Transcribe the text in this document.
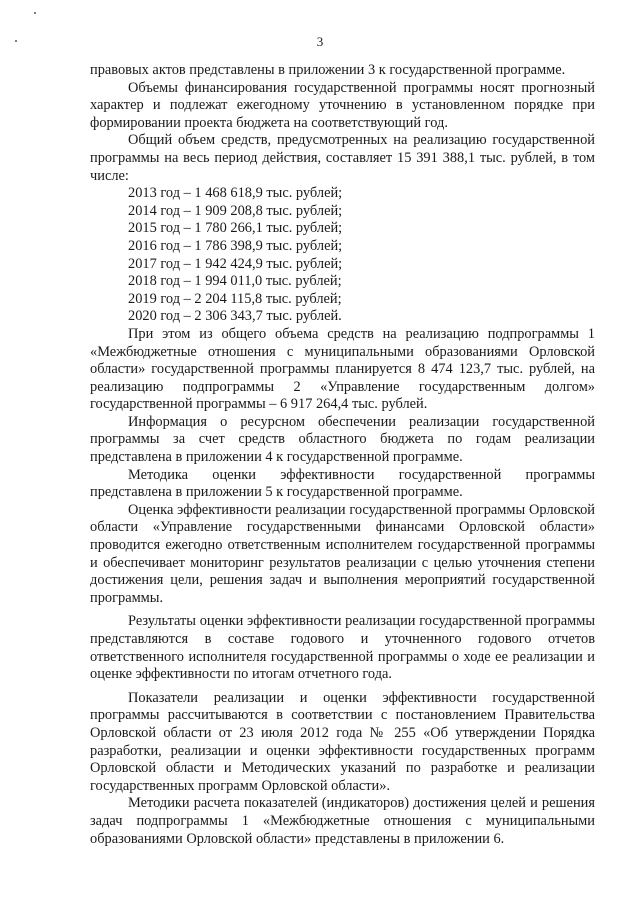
3

правовых актов представлены в приложении 3 к государственной программе.

Объемы финансирования государственной программы носят прогнозный характер и подлежат ежегодному уточнению в установленном порядке при формировании проекта бюджета на соответствующий год.

Общий объем средств, предусмотренных на реализацию государственной программы на весь период действия, составляет 15 391 388,1 тыс. рублей, в том числе:

2013 год – 1 468 618,9 тыс. рублей;
2014 год – 1 909 208,8 тыс. рублей;
2015 год – 1 780 266,1 тыс. рублей;
2016 год – 1 786 398,9 тыс. рублей;
2017 год – 1 942 424,9 тыс. рублей;
2018 год – 1 994 011,0 тыс. рублей;
2019 год – 2 204 115,8 тыс. рублей;
2020 год – 2 306 343,7 тыс. рублей.

При этом из общего объема средств на реализацию подпрограммы 1 «Межбюджетные отношения с муниципальными образованиями Орловской области» государственной программы планируется 8 474 123,7 тыс. рублей, на реализацию подпрограммы 2 «Управление государственным долгом» государственной программы – 6 917 264,4 тыс. рублей.

Информация о ресурсном обеспечении реализации государственной программы за счет средств областного бюджета по годам реализации представлена в приложении 4 к государственной программе.

Методика оценки эффективности государственной программы представлена в приложении 5 к государственной программе.

Оценка эффективности реализации государственной программы Орловской области «Управление государственными финансами Орловской области» проводится ежегодно ответственным исполнителем государственной программы и обеспечивает мониторинг результатов реализации с целью уточнения степени достижения цели, решения задач и выполнения мероприятий государственной программы.

Результаты оценки эффективности реализации государственной программы представляются в составе годового и уточненного годового отчетов ответственного исполнителя государственной программы о ходе ее реализации и оценке эффективности по итогам отчетного года.

Показатели реализации и оценки эффективности государственной программы рассчитываются в соответствии с постановлением Правительства Орловской области от 23 июля 2012 года № 255 «Об утверждении Порядка разработки, реализации и оценки эффективности государственных программ Орловской области и Методических указаний по разработке и реализации государственных программ Орловской области».

Методики расчета показателей (индикаторов) достижения целей и решения задач подпрограммы 1 «Межбюджетные отношения с муниципальными образованиями Орловской области» представлены в приложении 6.
